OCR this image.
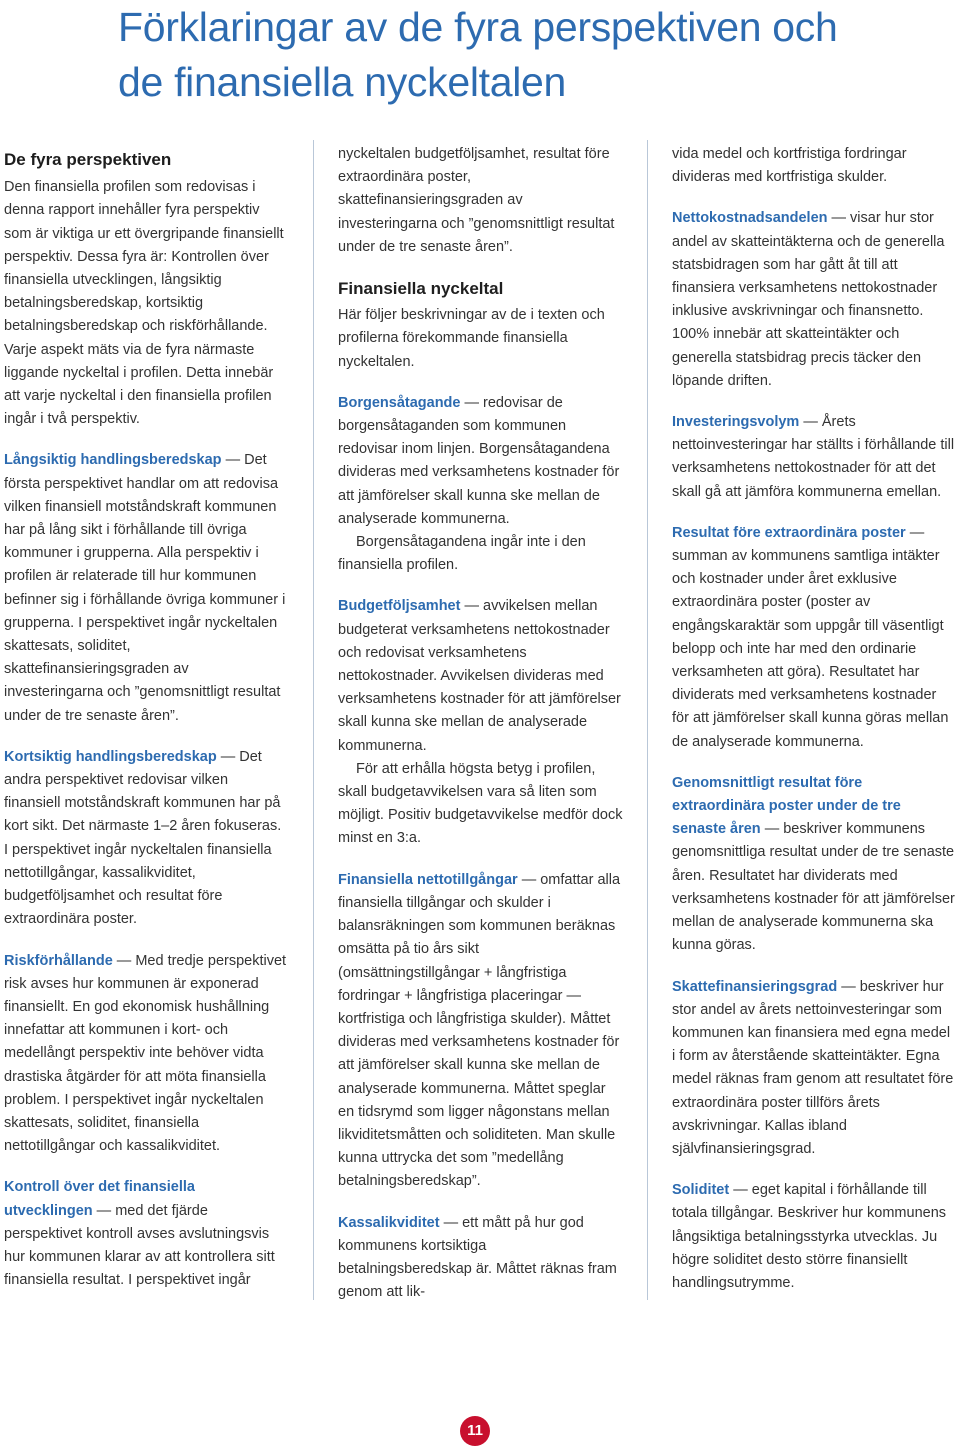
Förklaringar av de fyra perspektiven och
de finansiella nyckeltalen
De fyra perspektiven

Den finansiella profilen som redovisas i denna rapport innehåller fyra perspektiv som är viktiga ur ett övergripande finansiellt perspektiv. Dessa fyra är: Kontrollen över finansiella utvecklingen, långsiktig betalningsberedskap, kortsiktig betalningsberedskap och riskförhållande. Varje aspekt mäts via de fyra närmaste liggande nyckeltal i profilen. Detta innebär att varje nyckeltal i den finansiella profilen ingår i två perspektiv.

Långsiktig handlingsberedskap — Det första perspektivet handlar om att redovisa vilken finansiell motståndskraft kommunen har på lång sikt i förhållande till övriga kommuner i grupperna. Alla perspektiv i profilen är relaterade till hur kommunen befinner sig i förhållande övriga kommuner i grupperna. I perspektivet ingår nyckeltalen skattesats, soliditet, skattefinansieringsgraden av investeringarna och ”genomsnittligt resultat under de tre senaste åren”.

Kortsiktig handlingsberedskap — Det andra perspektivet redovisar vilken finansiell motståndskraft kommunen har på kort sikt. Det närmaste 1–2 åren fokuseras. I perspektivet ingår nyckeltalen finansiella nettotillgångar, kassalikviditet, budgetföljsamhet och resultat före extraordinära poster.

Riskförhållande — Med tredje perspektivet risk avses hur kommunen är exponerad finansiellt. En god ekonomisk hushållning innefattar att kommunen i kort- och medellångt perspektiv inte behöver vidta drastiska åtgärder för att möta finansiella problem. I perspektivet ingår nyckeltalen skattesats, soliditet, finansiella nettotillgångar och kassalikviditet.

Kontroll över det finansiella utvecklingen — med det fjärde perspektivet kontroll avses avslutningsvis hur kommunen klarar av att kontrollera sitt finansiella resultat. I perspektivet ingår

nyckeltalen budgetföljsamhet, resultat före extraordinära poster, skattefinansieringsgraden av investeringarna och ”genomsnittligt resultat under de tre senaste åren”.

Finansiella nyckeltal

Här följer beskrivningar av de i texten och profilerna förekommande finansiella nyckeltalen.

Borgensåtagande — redovisar de borgensåtaganden som kommunen redovisar inom linjen. Borgensåtagandena divideras med verksamhetens kostnader för att jämförelser skall kunna ske mellan de analyserade kommunerna.

Borgensåtagandena ingår inte i den finansiella profilen.

Budgetföljsamhet — avvikelsen mellan budgeterat verksamhetens nettokostnader och redovisat verksamhetens nettokostnader. Avvikelsen divideras med verksamhetens kostnader för att jämförelser skall kunna ske mellan de analyserade kommunerna.

För att erhålla högsta betyg i profilen, skall budgetavvikelsen vara så liten som möjligt. Positiv budgetavvikelse medför dock minst en 3:a.

Finansiella nettotillgångar — omfattar alla finansiella tillgångar och skulder i balansräkningen som kommunen beräknas omsätta på tio års sikt (omsättningstillgångar + långfristiga fordringar + långfristiga placeringar — kortfristiga och långfristiga skulder). Måttet divideras med verksamhetens kostnader för att jämförelser skall kunna ske mellan de analyserade kommunerna. Måttet speglar en tidsrymd som ligger någonstans mellan likviditetsmåtten och soliditeten. Man skulle kunna uttrycka det som ”medellång betalningsberedskap”.

Kassalikviditet — ett mått på hur god kommunens kortsiktiga betalningsberedskap är. Måttet räknas fram genom att lik-

vida medel och kortfristiga fordringar divideras med kortfristiga skulder.

Nettokostnadsandelen — visar hur stor andel av skatteintäkterna och de generella statsbidragen som har gått åt till att finansiera verksamhetens nettokostnader inklusive avskrivningar och finansnetto. 100% innebär att skatteintäkter och generella statsbidrag precis täcker den löpande driften.

Investeringsvolym — Årets nettoinvesteringar har ställts i förhållande till verksamhetens nettokostnader för att det skall gå att jämföra kommunerna emellan.

Resultat före extraordinära poster — summan av kommunens samtliga intäkter och kostnader under året exklusive extraordinära poster (poster av engångskaraktär som uppgår till väsentligt belopp och inte har med den ordinarie verksamheten att göra). Resultatet har dividerats med verksamhetens kostnader för att jämförelser skall kunna göras mellan de analyserade kommunerna.

Genomsnittligt resultat före extraordinära poster under de tre senaste åren — beskriver kommunens genomsnittliga resultat under de tre senaste åren. Resultatet har dividerats med verksamhetens kostnader för att jämförelser mellan de analyserade kommunerna ska kunna göras.

Skattefinansieringsgrad — beskriver hur stor andel av årets nettoinvesteringar som kommunen kan finansiera med egna medel i form av återstående skatteintäkter. Egna medel räknas fram genom att resultatet före extraordinära poster tillförs årets avskrivningar. Kallas ibland självfinansieringsgrad.

Soliditet — eget kapital i förhållande till totala tillgångar. Beskriver hur kommunens långsiktiga betalningsstyrka utvecklas. Ju högre soliditet desto större finansiellt handlingsutrymme.

11
